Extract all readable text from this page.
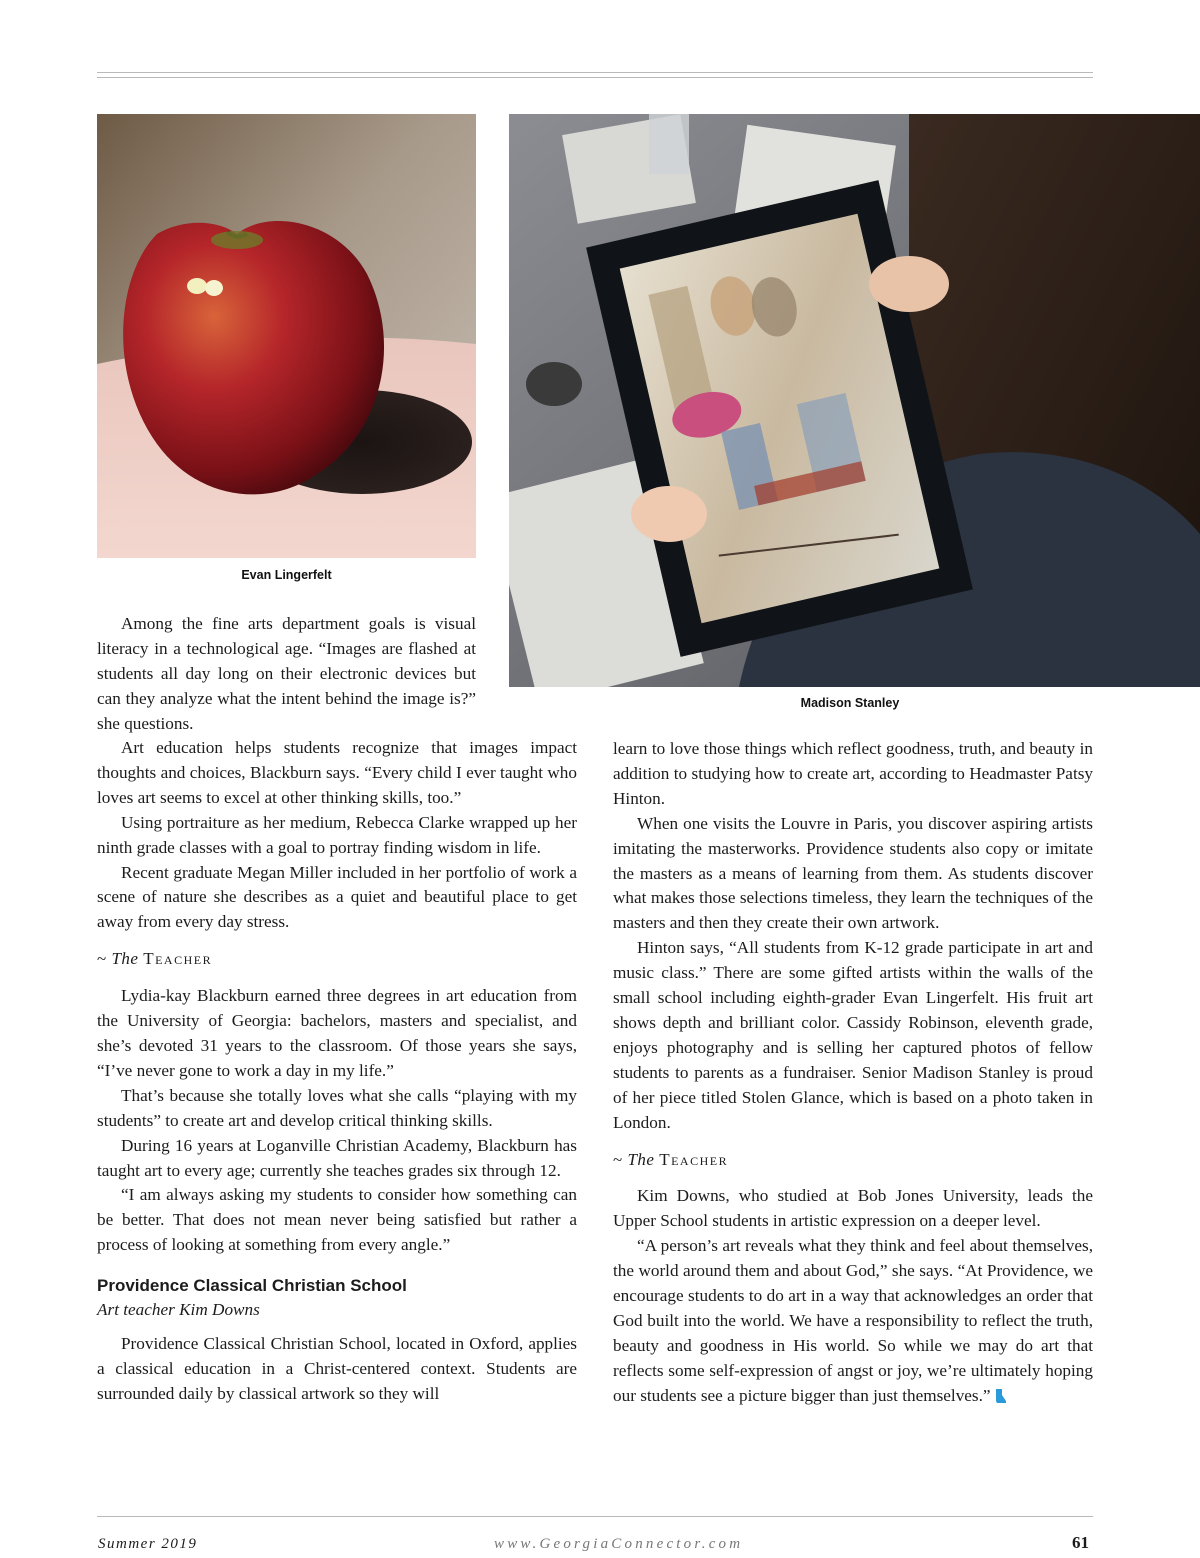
Evan Lingerfelt
Madison Stanley

Among the fine arts department goals is visual literacy in a technological age. “Images are flashed at students all day long on their electronic devices but can they analyze what the intent behind the image is?” she questions.

Art education helps students recognize that images impact thoughts and choices, Blackburn says. “Every child I ever taught who loves art seems to excel at other thinking skills, too.”

Using portraiture as her medium, Rebecca Clarke wrapped up her ninth grade classes with a goal to portray finding wisdom in life.

Recent graduate Megan Miller included in her portfolio of work a scene of nature she describes as a quiet and beautiful place to get away from every day stress.

~ The Teacher

Lydia-kay Blackburn earned three degrees in art education from the University of Georgia: bachelors, masters and specialist, and she’s devoted 31 years to the classroom. Of those years she says, “I’ve never gone to work a day in my life.”

That’s because she totally loves what she calls “playing with my students” to create art and develop critical thinking skills.

During 16 years at Loganville Christian Academy, Blackburn has taught art to every age; currently she teaches grades six through 12.

“I am always asking my students to consider how something can be better. That does not mean never being satisfied but rather a process of looking at something from every angle.”

Providence Classical Christian School
Art teacher Kim Downs

Providence Classical Christian School, located in Oxford, applies a classical education in a Christ-centered context. Students are surrounded daily by classical artwork so they will

learn to love those things which reflect goodness, truth, and beauty in addition to studying how to create art, according to Headmaster Patsy Hinton.

When one visits the Louvre in Paris, you discover aspiring artists imitating the masterworks. Providence students also copy or imitate the masters as a means of learning from them. As students discover what makes those selections timeless, they learn the techniques of the masters and then they create their own artwork.

Hinton says, “All students from K-12 grade participate in art and music class.” There are some gifted artists within the walls of the small school including eighth-grader Evan Lingerfelt. His fruit art shows depth and brilliant color. Cassidy Robinson, eleventh grade, enjoys photography and is selling her captured photos of fellow students to parents as a fundraiser. Senior Madison Stanley is proud of her piece titled Stolen Glance, which is based on a photo taken in London.

~ The Teacher

Kim Downs, who studied at Bob Jones University, leads the Upper School students in artistic expression on a deeper level.

“A person’s art reveals what they think and feel about themselves, the world around them and about God,” she says. “At Providence, we encourage students to do art in a way that acknowledges an order that God built into the world. We have a responsibility to reflect the truth, beauty and goodness in His world. So while we may do art that reflects some self-expression of angst or joy, we’re ultimately hoping our students see a picture bigger than just themselves.”

Summer 2019	www.GeorgiaConnector.com	61
